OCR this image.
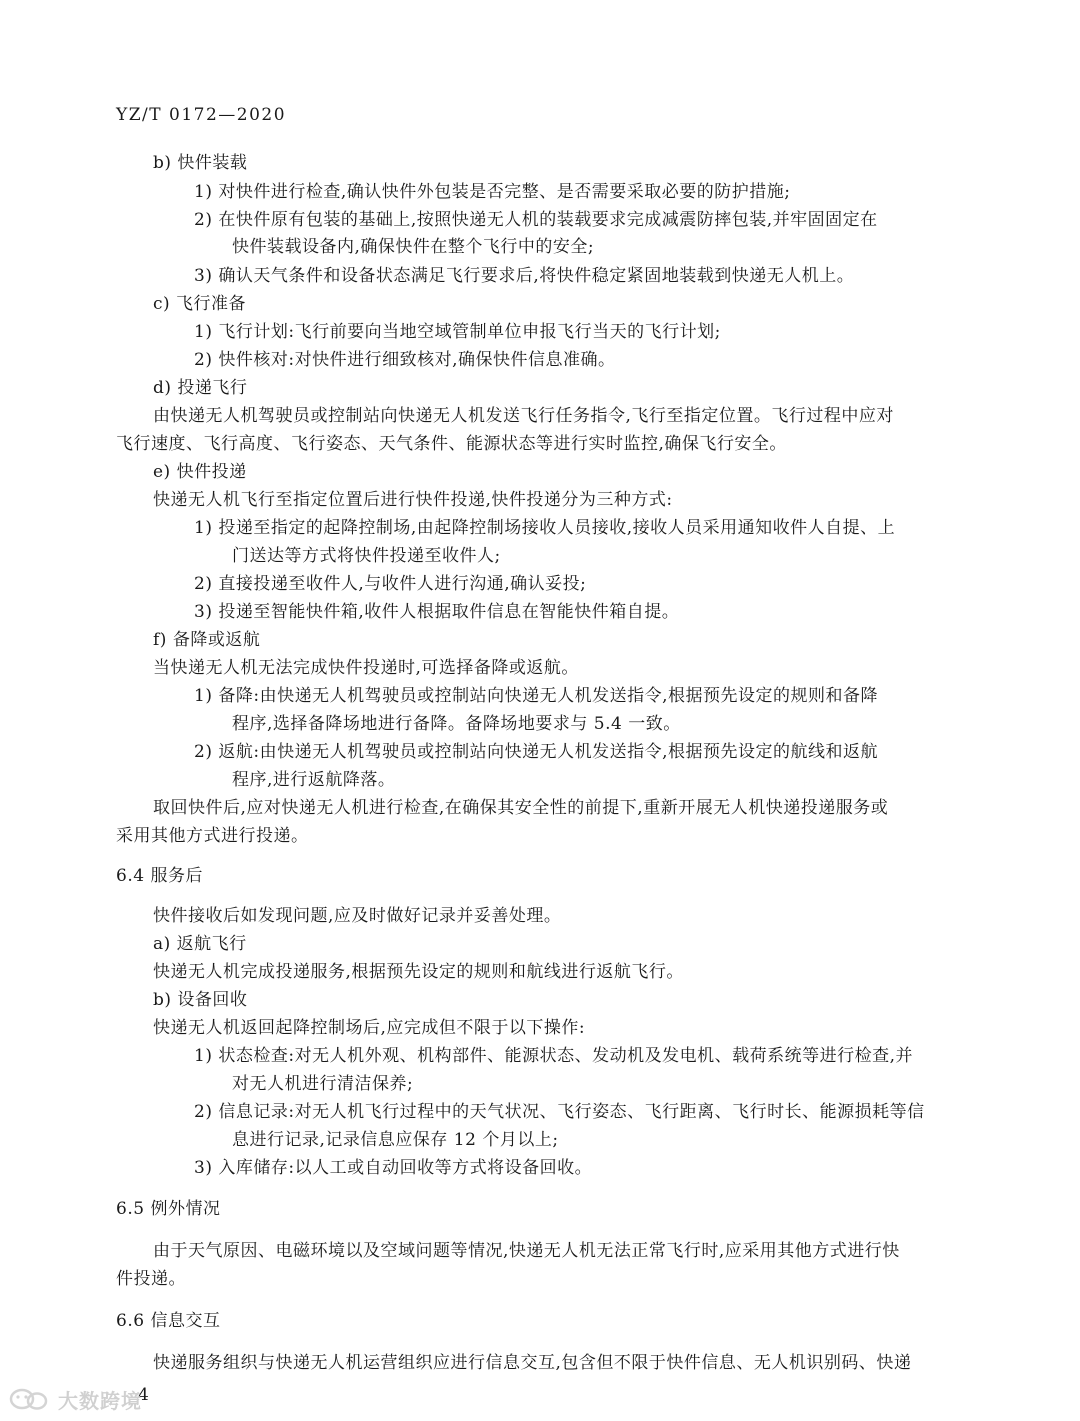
YZ/T 0172—2020
b) 快件装载
1) 对快件进行检查,确认快件外包装是否完整、是否需要采取必要的防护措施;
2) 在快件原有包装的基础上,按照快递无人机的装载要求完成减震防摔包装,并牢固固定在
快件装载设备内,确保快件在整个飞行中的安全;
3) 确认天气条件和设备状态满足飞行要求后,将快件稳定紧固地装载到快递无人机上。
c) 飞行准备
1) 飞行计划:飞行前要向当地空域管制单位申报飞行当天的飞行计划;
2) 快件核对:对快件进行细致核对,确保快件信息准确。
d) 投递飞行
由快递无人机驾驶员或控制站向快递无人机发送飞行任务指令,飞行至指定位置。飞行过程中应对
飞行速度、飞行高度、飞行姿态、天气条件、能源状态等进行实时监控,确保飞行安全。
e) 快件投递
快递无人机飞行至指定位置后进行快件投递,快件投递分为三种方式:
1) 投递至指定的起降控制场,由起降控制场接收人员接收,接收人员采用通知收件人自提、上
门送达等方式将快件投递至收件人;
2) 直接投递至收件人,与收件人进行沟通,确认妥投;
3) 投递至智能快件箱,收件人根据取件信息在智能快件箱自提。
f) 备降或返航
当快递无人机无法完成快件投递时,可选择备降或返航。
1) 备降:由快递无人机驾驶员或控制站向快递无人机发送指令,根据预先设定的规则和备降
程序,选择备降场地进行备降。备降场地要求与 5.4 一致。
2) 返航:由快递无人机驾驶员或控制站向快递无人机发送指令,根据预先设定的航线和返航
程序,进行返航降落。
取回快件后,应对快递无人机进行检查,在确保其安全性的前提下,重新开展无人机快递投递服务或
采用其他方式进行投递。
6.4 服务后
快件接收后如发现问题,应及时做好记录并妥善处理。
a) 返航飞行
快递无人机完成投递服务,根据预先设定的规则和航线进行返航飞行。
b) 设备回收
快递无人机返回起降控制场后,应完成但不限于以下操作:
1) 状态检查:对无人机外观、机构部件、能源状态、发动机及发电机、载荷系统等进行检查,并
对无人机进行清洁保养;
2) 信息记录:对无人机飞行过程中的天气状况、飞行姿态、飞行距离、飞行时长、能源损耗等信
息进行记录,记录信息应保存 12 个月以上;
3) 入库储存:以人工或自动回收等方式将设备回收。
6.5 例外情况
由于天气原因、电磁环境以及空域问题等情况,快递无人机无法正常飞行时,应采用其他方式进行快
件投递。
6.6 信息交互
快递服务组织与快递无人机运营组织应进行信息交互,包含但不限于快件信息、无人机识别码、快递
4
大数跨境
